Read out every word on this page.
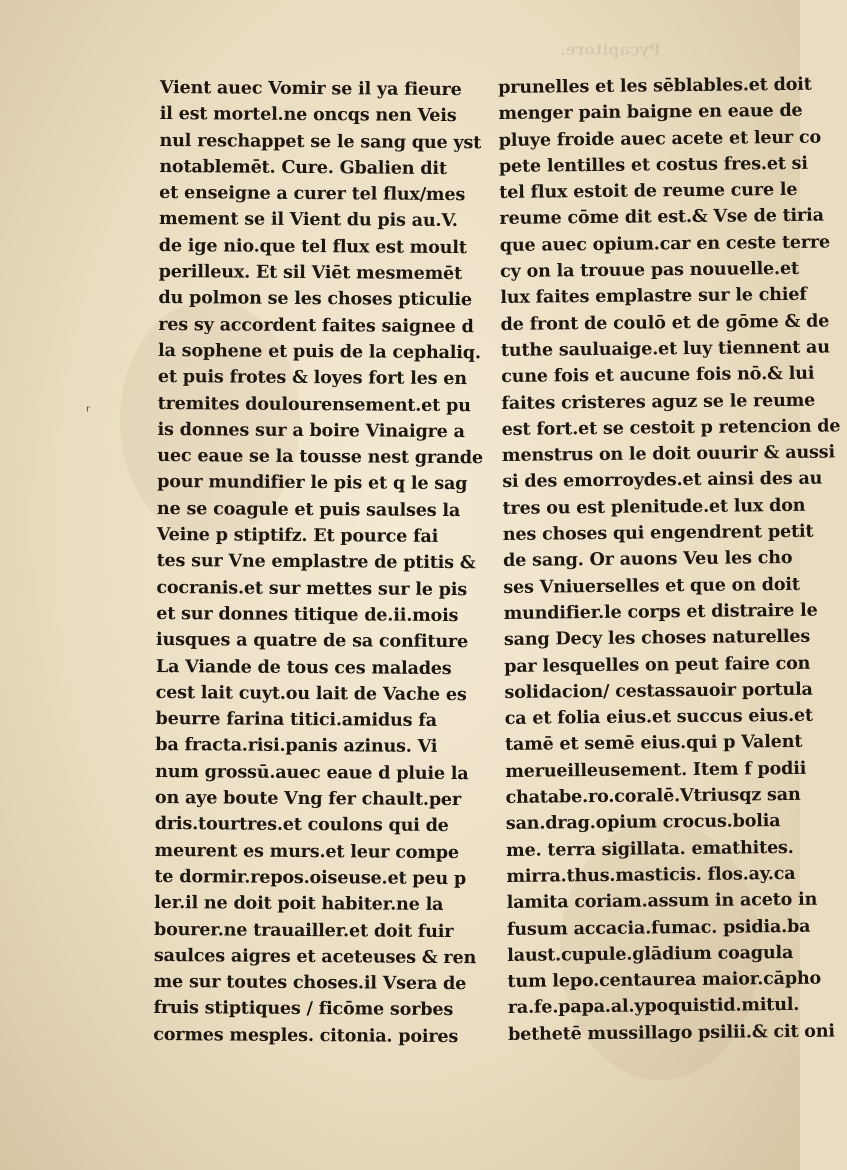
Pycapitore.
ʳ
Vient auec Vomir se il ya fieure
il est mortel.ne oncqs nen Veis
nul reschappet se le sang que yst
notablemēt. Cure. Gbalien dit
et enseigne a curer tel flux/mes
mement se il Vient du pis au.V.
de ige nio.que tel flux est moult
perilleux. Et sil Viēt mesmemēt
du polmon se les choses pticulie
res sy accordent faites saignee d
la sophene et puis de la cephaliq.
et puis frotes & loyes fort les en
tremites doulourensement.et pu
is donnes sur a boire Vinaigre a
uec eaue se la tousse nest grande
pour mundifier le pis et q le sag
ne se coagule et puis saulses la
Veine p stiptifz. Et pource fai
tes sur Vne emplastre de ptitis &
cocranis.et sur mettes sur le pis
et sur donnes titique de.ii.mois
iusques a quatre de sa confiture
La Viande de tous ces malades
cest lait cuyt.ou lait de Vache es
beurre farina titici.amidus fa
ba fracta.risi.panis azinus. Vi
num grossū.auec eaue d pluie la
on aye boute Vng fer chault.per
dris.tourtres.et coulons qui de
meurent es murs.et leur compe
te dormir.repos.oiseuse.et peu p
ler.il ne doit poit habiter.ne la
bourer.ne trauailler.et doit fuir
saulces aigres et aceteuses & ren
me sur toutes choses.il Vsera de
fruis stiptiques / ficōme sorbes
cormes mesples. citonia. poires
prunelles et les sēblables.et doit
menger pain baigne en eaue de
pluye froide auec acete et leur co
pete lentilles et costus fres.et si
tel flux estoit de reume cure le
reume cōme dit est.& Vse de tiria
que auec opium.car en ceste terre
cy on la trouue pas nouuelle.et
lux faites emplastre sur le chief
de front de coulō et de gōme & de
tuthe sauluaige.et luy tiennent au
cune fois et aucune fois nō.& lui
faites cristeres aguz se le reume
est fort.et se cestoit p retencion de
menstrus on le doit ouurir & aussi
si des emorroydes.et ainsi des au
tres ou est plenitude.et lux don
nes choses qui engendrent petit
de sang. Or auons Veu les cho
ses Vniuerselles et que on doit
mundifier.le corps et distraire le
sang Decy les choses naturelles
par lesquelles on peut faire con
solidacion/ cestassauoir portula
ca et folia eius.et succus eius.et
tamē et semē eius.qui p Valent
merueilleusement. Item f podii
chatabe.ro.coralē.Vtriusqz san
san.drag.opium crocus.bolia
me. terra sigillata. emathites.
mirra.thus.masticis. flos.ay.ca
lamita coriam.assum in aceto in
fusum accacia.fumac. psidia.ba
laust.cupule.glādium coagula
tum lepo.centaurea maior.cāpho
ra.fe.papa.al.ypoquistid.mitul.
bethetē mussillago psilii.& cit oni
